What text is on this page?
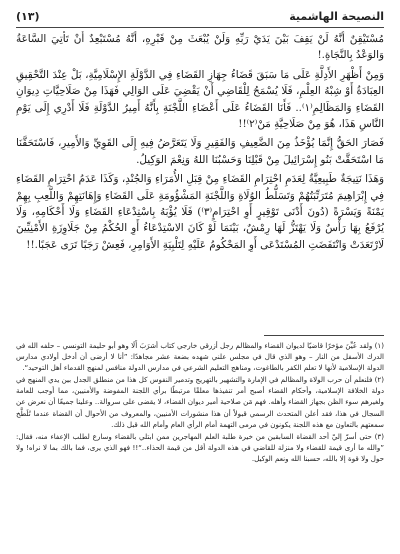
النصيحة الهاشمية
(١٣)

مُسْتَيْقِنٌ أَنَّهُ لَنْ يَقِفَ بَيْنَ يَدَيْ رَبِّهِ وَلَنْ يُبْعَثَ مِنْ قَبْرِهِ، أَنَّهُ مُسْتَبْعِدٌ أَنْ تَأْتِيَ السَّاعَةُ وَالوَعْدُ بِالنَّجَاةِ.!

وَمِنْ أَظْهَرِ الأَدِلَّةِ عَلَى مَا سَبَقَ قَضَاءُ جِهَازِ القَضَاءِ فِي الدَّوْلَةِ الإِسْلَامِيَّةِ، بَلْ عِنْدَ التَّحْقِيقِ العِبَادَةُ أَوْ شِبْهُ العِلْمِ، فَلَا يُسْمَحُ لِلْقَاضِي أَنْ يَقْضِيَ عَلَى الوَالِي فَهَذَا مِنْ صَلَاحِيَّاتِ دِيوَانِ القَضَاءِ وَالمَظَالِمِ⁽١⁾.. فَأَنَا القَضَاءُ عَلَى أَعْضَاءِ اللَّجْنَةِ بِأَنَّهُ أَمِيرُ الدَّوْلَةِ فَلَا أَدْرِي إِلَى يَوْمِ النَّاسِ هَذَا، هُوَ مِنْ صَلَاحِيَّةِ مَنْ⁽٢⁾!!

فَصَارَ الحَقُّ إِنَّمَا يُؤْخَذُ مِنَ الضَّعِيفِ وَالفَقِيرِ وَلَا يَتَعَرَّضُ فِيهِ إِلَى القَوِيِّ وَالأَمِيرِ، فَاسْتَحَقَّنَا مَا اسْتَحَقَّتْ بَنُو إِسْرَائِيلَ مِنْ قَبْلِنَا وَحَسْبُنَا اللهُ وَنِعْمَ الوَكِيلُ.

وَهَذَا نَتِيجَةٌ طَبِيعِيَّةٌ لِعَدَمِ احْتِرَامِ القَضَاءِ مِنْ قِبَلِ الأُمَرَاءِ وَالجُنْدِ، وَكَذَا عَدَمُ احْتِرَامِ القَضَاءِ فِي إِبْرَاهِيمَ مُتَرَتِّبَتُهُمْ وَتَسَلُّطُ الوُلَاةِ وَاللَّجْنَةِ المَشْؤُومَةِ عَلَى القَضَاءِ وَإِهَانَتِهِمْ وَاللَّعِبِ بِهِمْ يَمْنَةً وَيَسْرَةً (دُونَ أَدْنَى تَوْقِيرٍ أَوِ احْتِرَامٍ⁽٣⁾) فَلَا يُؤْبَهُ بِاسْتِدْعَاءِ القَضَاءِ وَلَا أَحْكَامِهِ، وَلَا يُرْفَعُ بِهَا رَأْسٌ وَلَا يَهْتَزُّ لَهَا رِمْشٌ، بَيْنَمَا لَوْ كَانَ الاسْتِدْعَاءُ أَوِ الحُكْمُ مِنْ جَلَاوِزَةِ الأَمْنِيِّينَ لَارْتَعَدَتْ وَانْتَفَضَتِ المُسْتَدْعَى أَوِ المَحْكُومُ عَلَيْهِ لِتَلْبِيَةِ الأَوَامِرِ، فَعِشْ رَجَبًا تَرَى عَجَبًا.!!

(١) ولقد عُيِّنَ مؤخرًا قاضيًا لديوان القضاء والمظالم رجل أزرقي خارجي كتاب أشرَبَ أَلَا وهو أبو حليمة التونسي – حلفه الله في الدرك الأسفل من النار – وهو الذي قال في مجلس علني شهده بضعة عشر مجاهدًا: ”أنا لا أرضى أن أدخل أولادي مدارس الدولة الإسلامية لأنها لا تعلم الكفر بالطاغوت، ومناهج التعليم الشرعي في مدارس الدولة منافس لمنهج القدماء أهل التوحيد“.

(٢) فلنعلم أن حرب الولاة والمظالم في الإمارة والتشهير بالتهريج وتدمير النفوس كل هذا من منطلق الجدل بين يدي المنهج في دولة الخلافة الإسلامية، وأحكام القضاء أصبح أمر تنفيذها معلقًا مرتبطًا برأي اللجنة المفوضة والأمنيين، مما أوجب للعامة ولغيرهم سوء الظن بجهاز القضاء وأهله. فهم مَن صلاحية أمير ديوان القضاء، لا يقضى على سروالة.. وعلينا جميعًا أن نعرض عن السجال في هذا، فقد أعلن المتحدث الرسمي قبولاً أن هذا منشورات الأمنيين، والمعروف من الأحوال أن القضاة عندما تُلَطَّخ سمعتهم بالتعاون مع هذه اللجنة يكونون في مرمى التهمة أمام الرأي العام وأمام الله قبل ذلك.

(٣) حتى أسرّ إليّ أحد القضاة السابقين من خيرة طلبة العلم المهاجرين ممن ابتلي بالقضاء وسارع لطلب الإعفاء منه، فقال: ”والله ما أرى قيمة للقضاء ولا منزلة للقاضي في هذه الدولة أقل من قيمة الحذاء..“!! فهو الذي يرى، فما بالك بما لا نراه! ولا حول ولا قوة إلا بالله، حسبنا الله ونعم الوكيل.
